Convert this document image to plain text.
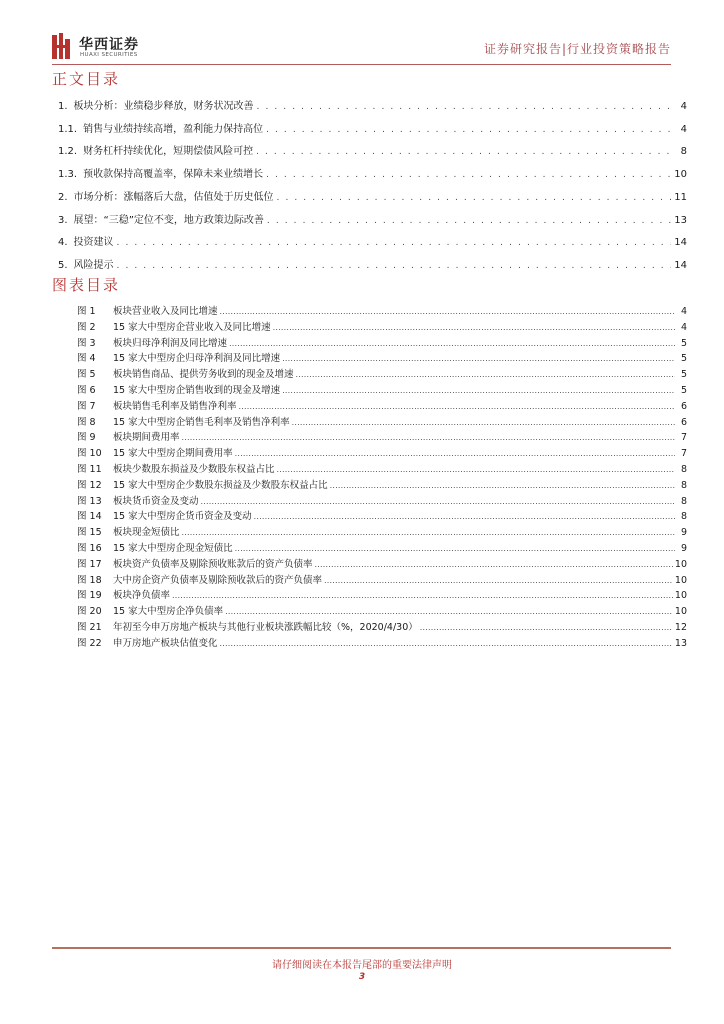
华西证券
HUAXI SECURITIES	证券研究报告|行业投资策略报告
正文目录
1. 板块分析：业绩稳步释放，财务状况改善 . . .	4
1.1. 销售与业绩持续高增，盈利能力保持高位 . . .	4
1.2. 财务杠杆持续优化，短期偿债风险可控 . . .	8
1.3. 预收款保持高覆盖率，保障未来业绩增长 . . .	10
2. 市场分析：涨幅落后大盘，估值处于历史低位 . . .	11
3. 展望：“三稳”定位不变，地方政策边际改善 . . .	13
4. 投资建议 . . .	14
5. 风险提示 . . .	14
图表目录
图 1	板块营业收入及同比增速 .....	4
图 2	15 家大中型房企营业收入及同比增速 .....	4
图 3	板块归母净利润及同比增速 .....	5
图 4	15 家大中型房企归母净利润及同比增速 .....	5
图 5	板块销售商品、提供劳务收到的现金及增速 .....	5
图 6	15 家大中型房企销售收到的现金及增速 .....	5
图 7	板块销售毛利率及销售净利率 .....	6
图 8	15 家大中型房企销售毛利率及销售净利率 .....	6
图 9	板块期间费用率 .....	7
图 10	15 家大中型房企期间费用率 .....	7
图 11	板块少数股东损益及少数股东权益占比 .....	8
图 12	15 家大中型房企少数股东损益及少数股东权益占比 .....	8
图 13	板块货币资金及变动 .....	8
图 14	15 家大中型房企货币资金及变动 .....	8
图 15	板块现金短债比 .....	9
图 16	15 家大中型房企现金短债比 .....	9
图 17	板块资产负债率及剔除预收账款后的资产负债率 .....	10
图 18	大中房企资产负债率及剔除预收款后的资产负债率 .....	10
图 19	板块净负债率 .....	10
图 20	15 家大中型房企净负债率 .....	10
图 21	年初至今申万房地产板块与其他行业板块涨跌幅比较（%，2020/4/30） .....	12
图 22	申万房地产板块估值变化 .....	13
请仔细阅读在本报告尾部的重要法律声明
3
